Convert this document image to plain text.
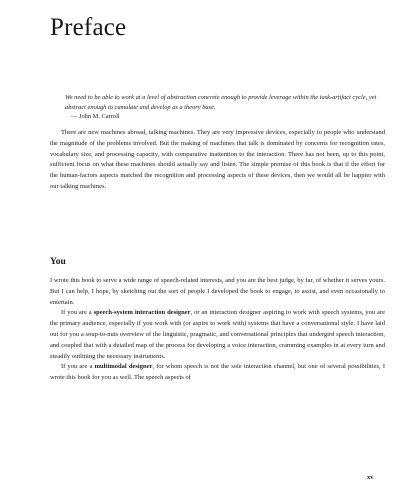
Preface
We need to be able to work at a level of abstraction concrete enough to provide leverage within the task-artifact cycle, yet abstract enough to cumulate and develop as a theory base.
— John M. Carroll

There are new machines abroad, talking machines. They are very impressive devices, especially to people who understand the magnitude of the problems involved. But the making of machines that talk is dominated by concerns for recognition rates, vocabulary size, and processing capacity, with comparative inattention to the interaction. There has not been, up to this point, sufficient focus on what these machines should actually say and listen. The simple premise of this book is that if the effort for the human-factors aspects matched the recognition and processing aspects of these devices, then we would all be happier with our talking machines.

You

I wrote this book to serve a wide range of speech-related interests, and you are the best judge, by far, of whether it serves yours. But I can help, I hope, by sketching out the sort of people I developed the book to engage, to assist, and even occasionally to entertain.

If you are a speech-system interaction designer, or an interaction designer aspiring to work with speech systems, you are the primary audience, especially if you work with (or aspire to work with) systems that have a conversational style. I have laid out for you a soup-to-nuts overview of the linguistic, pragmatic, and conversational principles that undergird speech interaction, and coupled that with a detailed map of the process for developing a voice interaction, cramming examples in at every turn and steadily outlining the necessary instruments.

If you are a multimodal designer, for whom speech is not the sole interaction channel, but one of several possibilities, I wrote this book for you as well. The speech aspects of

xv
